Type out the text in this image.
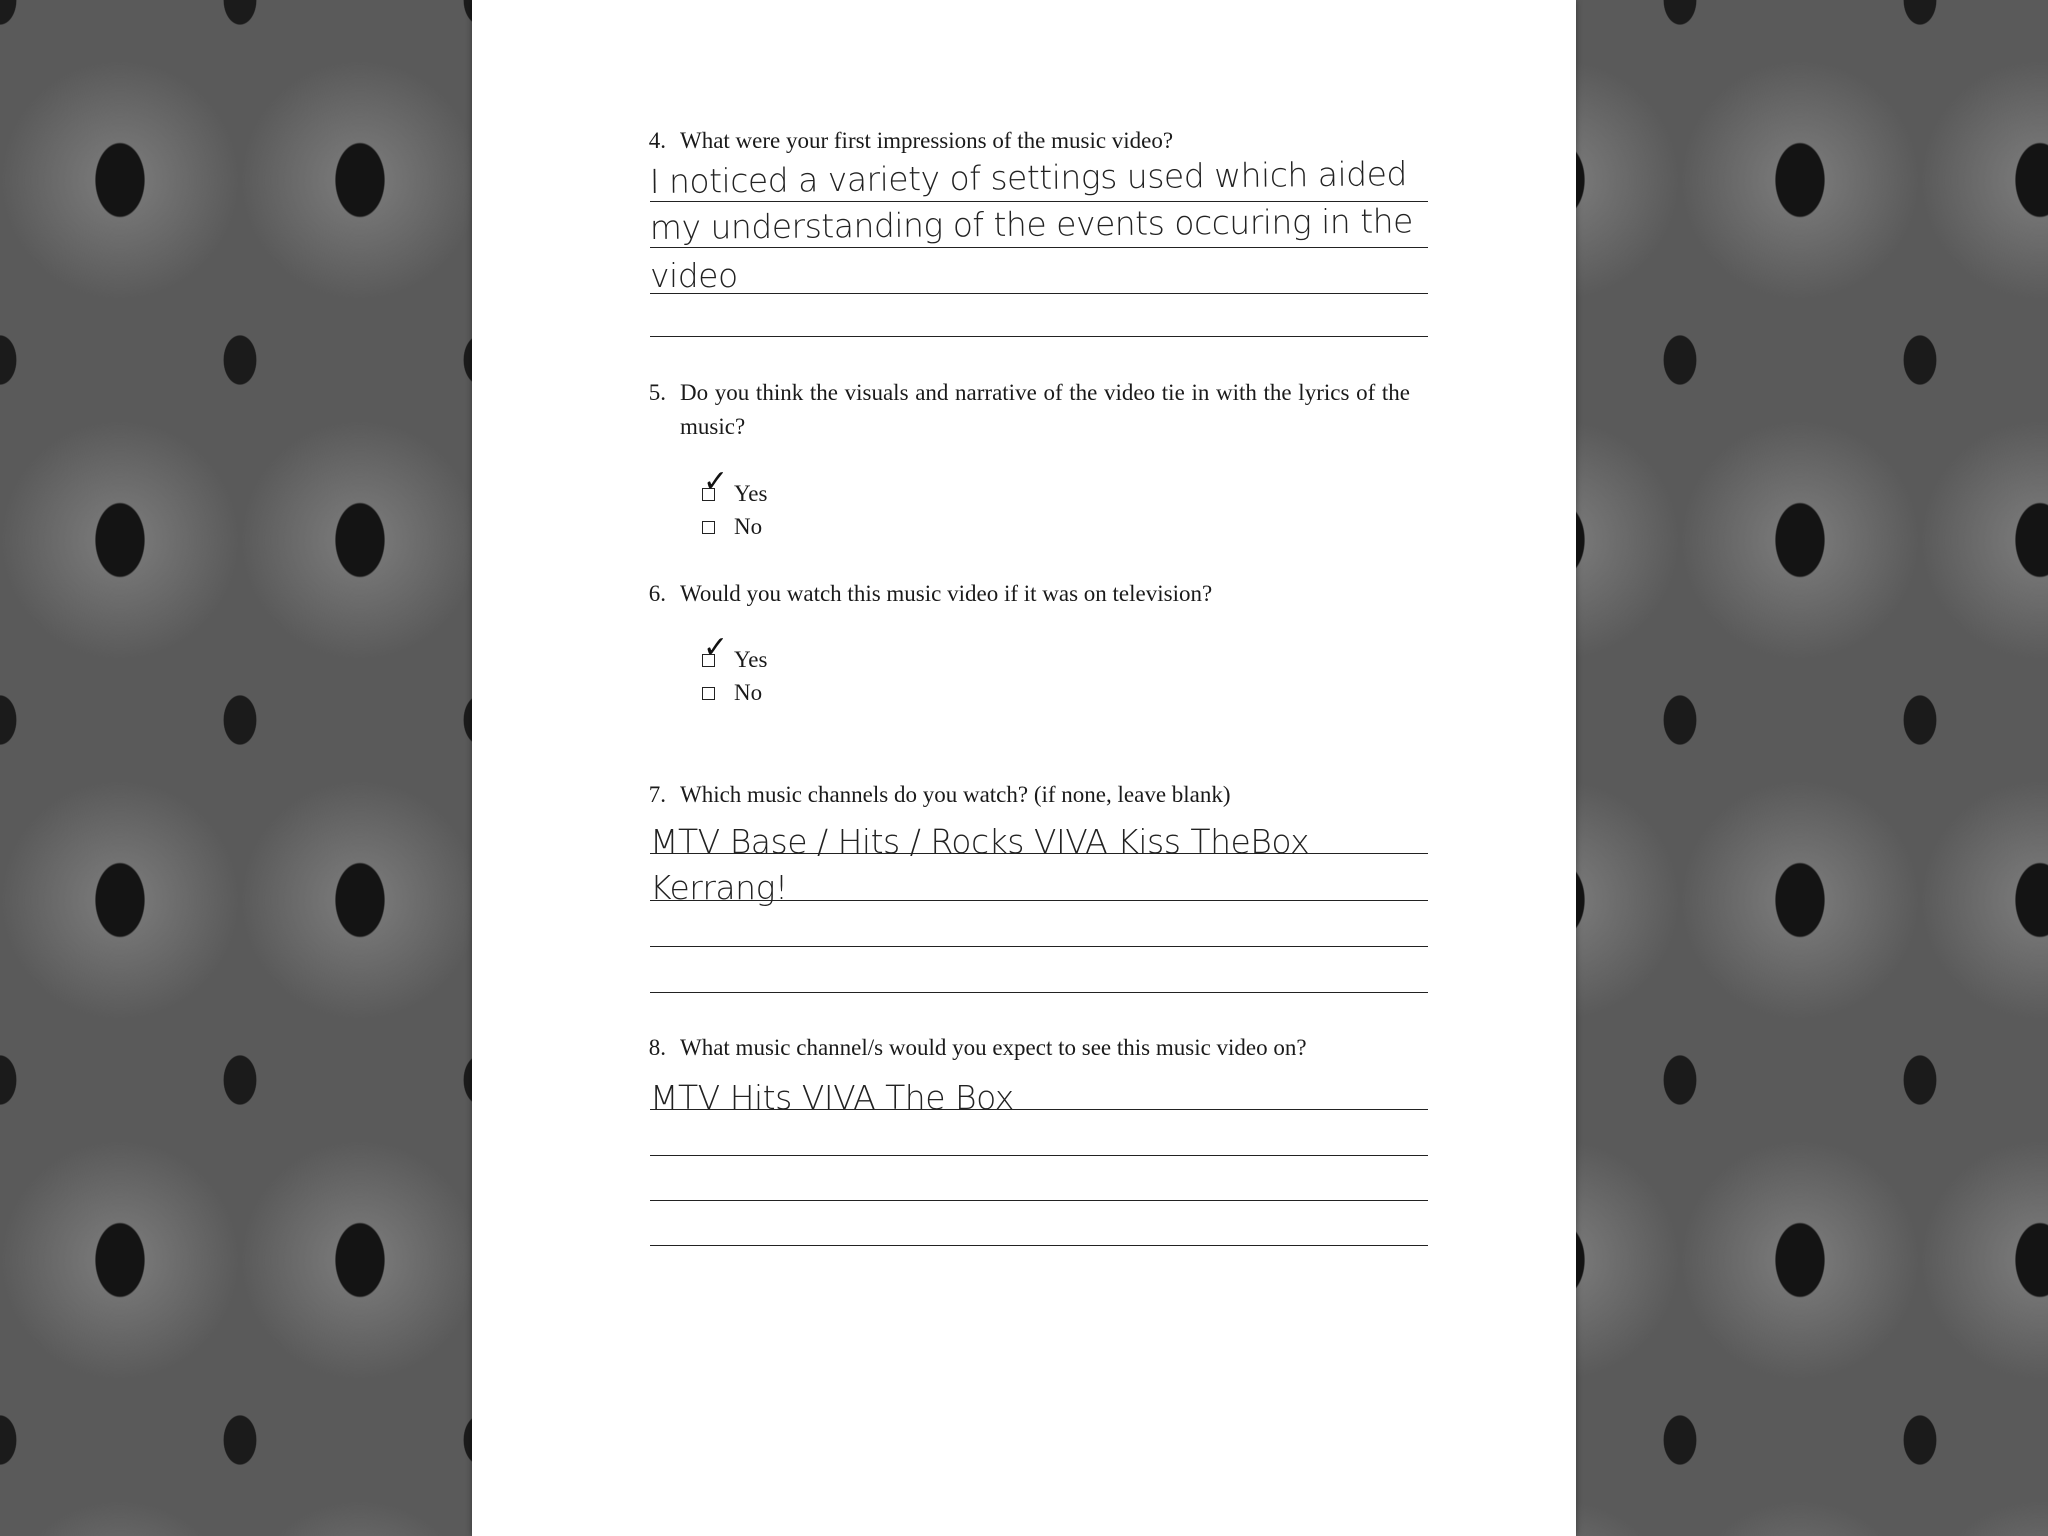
4. What were your first impressions of the music video?
I noticed a variety of settings used which aided
my understanding of the events occuring in the
video
5. Do you think the visuals and narrative of the video tie in with the lyrics of the music?
✓ Yes
No
6. Would you watch this music video if it was on television?
✓ Yes
No
7. Which music channels do you watch? (if none, leave blank)
MTV Base / Hits / Rocks VIVA Kiss TheBox
Kerrang!
8. What music channel/s would you expect to see this music video on?
MTV Hits VIVA The Box
